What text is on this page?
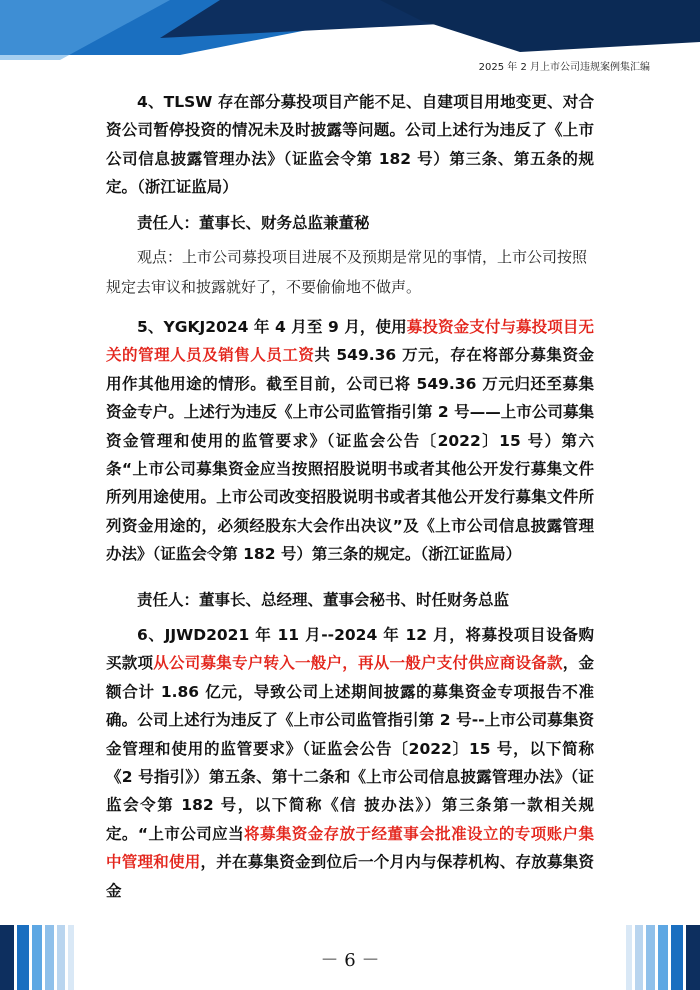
2025 年 2 月上市公司违规案例集汇编

4、TLSW 存在部分募投项目产能不足、自建项目用地变更、对合资公司暂停投资的情况未及时披露等问题。公司上述行为违反了《上市公司信息披露管理办法》（证监会令第 182 号）第三条、第五条的规定。（浙江证监局）

责任人：董事长、财务总监兼董秘

观点：上市公司募投项目进展不及预期是常见的事情，上市公司按照规定去审议和披露就好了，不要偷偷地不做声。

5、YGKJ2024 年 4 月至 9 月，使用募投资金支付与募投项目无关的管理人员及销售人员工资共 549.36 万元，存在将部分募集资金用作其他用途的情形。截至目前，公司已将 549.36 万元归还至募集资金专户。上述行为违反《上市公司监管指引第 2 号——上市公司募集资金管理和使用的监管要求》（证监会公告〔2022〕15 号）第六条“上市公司募集资金应当按照招股说明书或者其他公开发行募集文件所列用途使用。上市公司改变招股说明书或者其他公开发行募集文件所列资金用途的，必须经股东大会作出决议”及《上市公司信息披露管理办法》（证监会令第 182 号）第三条的规定。（浙江证监局）

责任人：董事长、总经理、董事会秘书、时任财务总监

6、JJWD2021 年 11 月--2024 年 12 月，将募投项目设备购买款项从公司募集专户转入一般户，再从一般户支付供应商设备款，金额合计 1.86 亿元，导致公司上述期间披露的募集资金专项报告不准确。公司上述行为违反了《上市公司监管指引第 2 号--上市公司募集资金管理和使用的监管要求》（证监会公告〔2022〕15 号，以下简称《2 号指引》）第五条、第十二条和《上市公司信息披露管理办法》（证监会令第 182 号，以下简称《信 披办法》）第三条第一款相关规定。“上市公司应当将募集资金存放于经董事会批准设立的专项账户集中管理和使用，并在募集资金到位后一个月内与保荐机构、存放募集资金

－ 6 －
